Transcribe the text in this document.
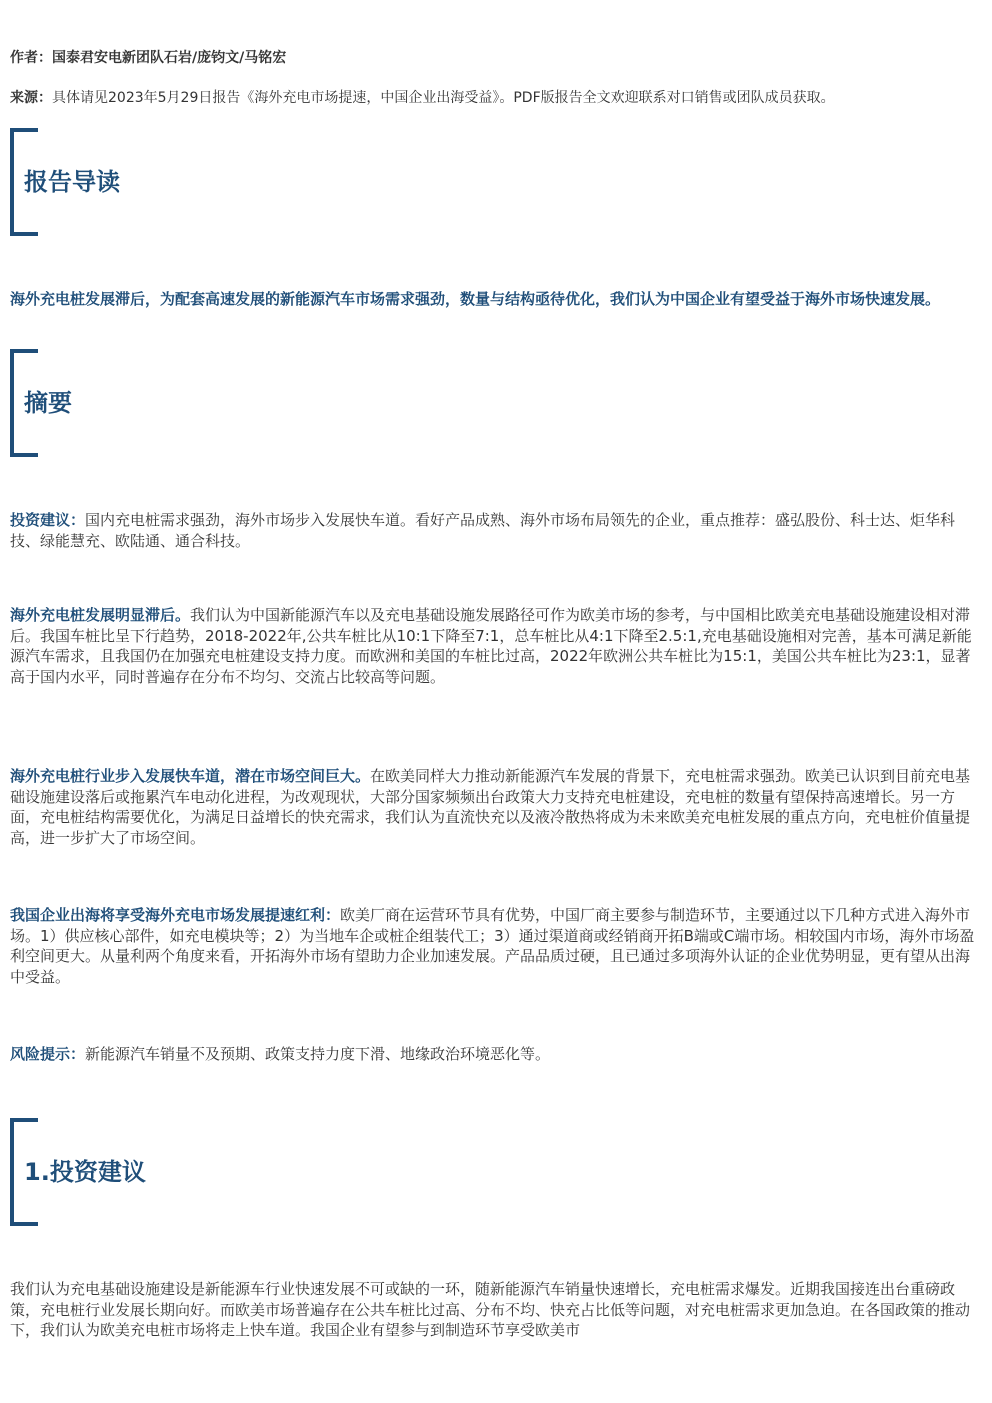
作者：国泰君安电新团队石岩/庞钧文/马铭宏
来源：具体请见2023年5月29日报告《海外充电市场提速，中国企业出海受益》。PDF版报告全文欢迎联系对口销售或团队成员获取。
报告导读
海外充电桩发展滞后，为配套高速发展的新能源汽车市场需求强劲，数量与结构亟待优化，我们认为中国企业有望受益于海外市场快速发展。
摘要
投资建议：国内充电桩需求强劲，海外市场步入发展快车道。看好产品成熟、海外市场布局领先的企业，重点推荐：盛弘股份、科士达、炬华科技、绿能慧充、欧陆通、通合科技。
海外充电桩发展明显滞后。我们认为中国新能源汽车以及充电基础设施发展路径可作为欧美市场的参考，与中国相比欧美充电基础设施建设相对滞后。我国车桩比呈下行趋势，2018-2022年,公共车桩比从10:1下降至7:1，总车桩比从4:1下降至2.5:1,充电基础设施相对完善，基本可满足新能源汽车需求，且我国仍在加强充电桩建设支持力度。而欧洲和美国的车桩比过高，2022年欧洲公共车桩比为15:1，美国公共车桩比为23:1，显著高于国内水平，同时普遍存在分布不均匀、交流占比较高等问题。
海外充电桩行业步入发展快车道，潜在市场空间巨大。在欧美同样大力推动新能源汽车发展的背景下，充电桩需求强劲。欧美已认识到目前充电基础设施建设落后或拖累汽车电动化进程，为改观现状，大部分国家频频出台政策大力支持充电桩建设，充电桩的数量有望保持高速增长。另一方面，充电桩结构需要优化，为满足日益增长的快充需求，我们认为直流快充以及液冷散热将成为未来欧美充电桩发展的重点方向，充电桩价值量提高，进一步扩大了市场空间。
我国企业出海将享受海外充电市场发展提速红利：欧美厂商在运营环节具有优势，中国厂商主要参与制造环节，主要通过以下几种方式进入海外市场。1）供应核心部件，如充电模块等；2）为当地车企或桩企组装代工；3）通过渠道商或经销商开拓B端或C端市场。相较国内市场，海外市场盈利空间更大。从量利两个角度来看，开拓海外市场有望助力企业加速发展。产品品质过硬，且已通过多项海外认证的企业优势明显，更有望从出海中受益。
风险提示：新能源汽车销量不及预期、政策支持力度下滑、地缘政治环境恶化等。
1.投资建议
我们认为充电基础设施建设是新能源车行业快速发展不可或缺的一环，随新能源汽车销量快速增长，充电桩需求爆发。近期我国接连出台重磅政策，充电桩行业发展长期向好。而欧美市场普遍存在公共车桩比过高、分布不均、快充占比低等问题，对充电桩需求更加急迫。在各国政策的推动下，我们认为欧美充电桩市场将走上快车道。我国企业有望参与到制造环节享受欧美市
